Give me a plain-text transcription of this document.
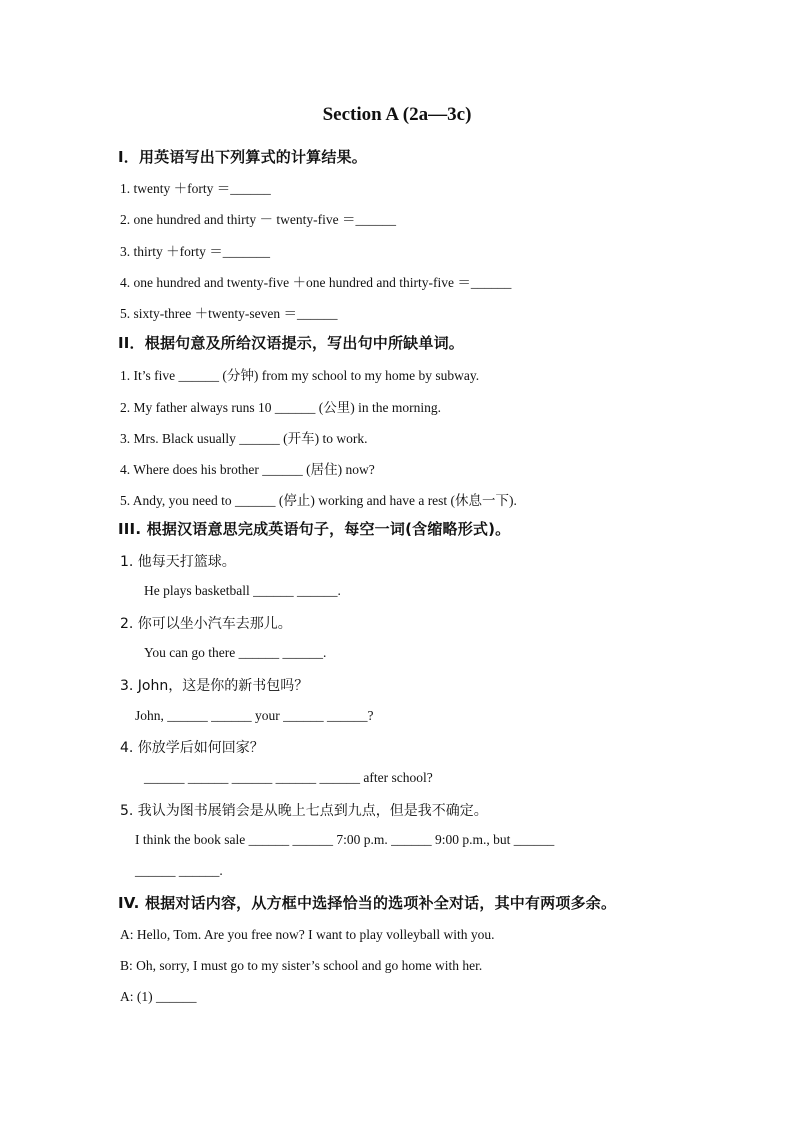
Section A (2a—3c)
I．用英语写出下列算式的计算结果。
1. twenty ＋forty ＝______
2. one hundred and thirty － twenty-five ＝______
3. thirty ＋forty ＝_______
4. one hundred and twenty-five ＋one hundred and thirty-five ＝______
5. sixty-three ＋twenty-seven ＝______
II．根据句意及所给汉语提示，写出句中所缺单词。
1. It’s five ______ (分钟) from my school to my home by subway.
2. My father always runs 10 ______ (公里) in the morning.
3. Mrs. Black usually ______ (开车) to work.
4. Where does his brother ______ (居住) now?
5. Andy, you need to ______ (停止) working and have a rest (休息一下).
III. 根据汉语意思完成英语句子，每空一词(含缩略形式)。
1. 他每天打篮球。
He plays basketball ______ ______.
2. 你可以坐小汽车去那儿。
You can go there ______ ______.
3. John，这是你的新书包吗？
John, ______ ______ your ______ ______?
4. 你放学后如何回家？
______ ______ ______ ______ ______ after school?
5. 我认为图书展销会是从晚上七点到九点，但是我不确定。
I think the book sale ______ ______ 7:00 p.m. ______ 9:00 p.m., but ______
______ ______.
IV. 根据对话内容，从方框中选择恰当的选项补全对话，其中有两项多余。
A: Hello, Tom. Are you free now? I want to play volleyball with you.
B: Oh, sorry, I must go to my sister’s school and go home with her.
A: (1) ______
